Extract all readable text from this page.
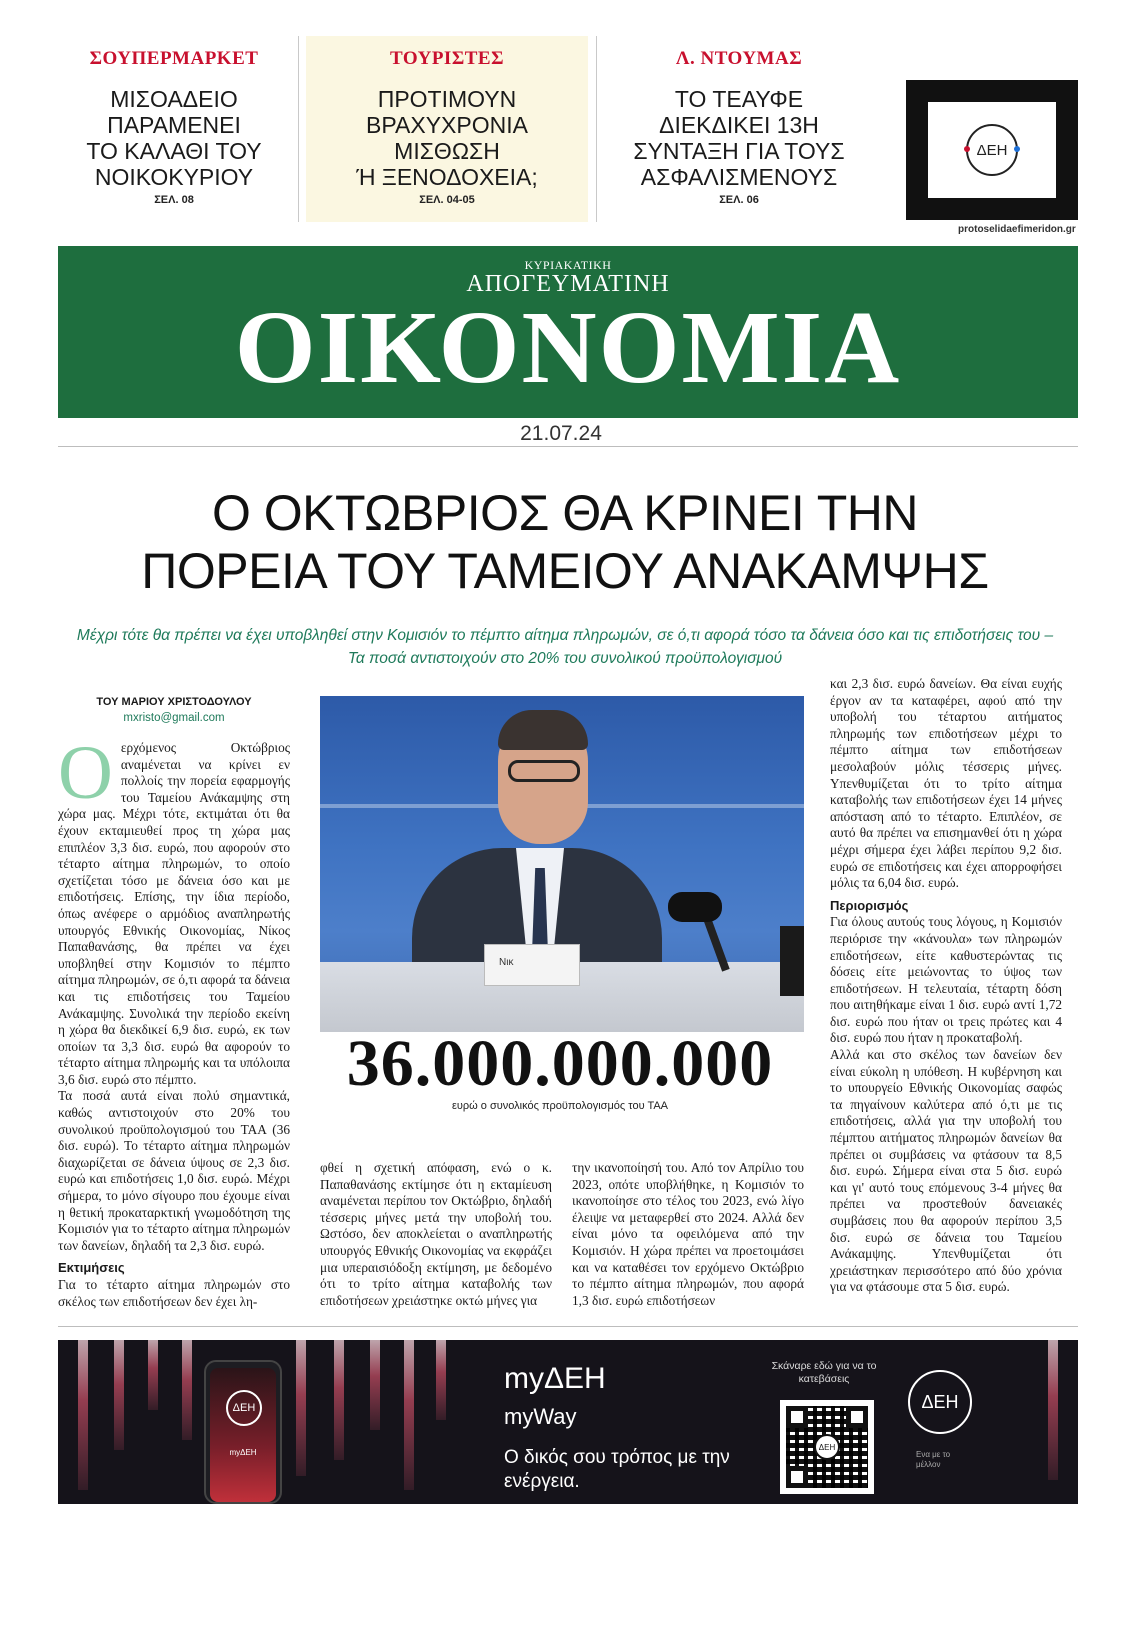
ΣΟΥΠΕΡΜΑΡΚΕΤ
ΜΙΣΟΑΔΕΙΟ
ΠΑΡΑΜΕΝΕΙ
ΤΟ ΚΑΛΑΘΙ ΤΟΥ
ΝΟΙΚΟΚΥΡΙΟΥ
ΣΕΛ. 08
ΤΟΥΡΙΣΤΕΣ
ΠΡΟΤΙΜΟΥΝ
ΒΡΑΧΥΧΡΟΝΙΑ
ΜΙΣΘΩΣΗ
Ή ΞΕΝΟΔΟΧΕΙΑ;
ΣΕΛ. 04-05
Λ. ΝΤΟΥΜΑΣ
ΤΟ ΤΕΑΥΦΕ
ΔΙΕΚΔΙΚΕΙ 13Η
ΣΥΝΤΑΞΗ ΓΙΑ ΤΟΥΣ
ΑΣΦΑΛΙΣΜΕΝΟΥΣ
ΣΕΛ. 06
ΔΕΗ
protoselidaefimeridon.gr
ΚΥΡΙΑΚΑΤΙΚΗ
ΑΠΟΓΕΥΜΑΤΙΝΗ
ΟΙΚΟΝΟΜΙΑ
21.07.24
Ο ΟΚΤΩΒΡΙΟΣ ΘΑ ΚΡΙΝΕΙ ΤΗΝ
ΠΟΡΕΙΑ ΤΟΥ ΤΑΜΕΙΟΥ ΑΝΑΚΑΜΨΗΣ
Μέχρι τότε θα πρέπει να έχει υποβληθεί στην Κομισιόν το πέμπτο αίτημα πληρωμών, σε ό,τι αφορά τόσο τα δάνεια όσο και τις επιδοτήσεις του – Τα ποσά αντιστοιχούν στο 20% του συνολικού προϋπολογισμού
ΤΟΥ ΜΑΡΙΟΥ ΧΡΙΣΤΟΔΟΥΛΟΥ
mxristo@gmail.com
Ο ερχόμενος Οκτώβριος αναμένεται να κρίνει εν πολλοίς την πορεία εφαρμογής του Ταμείου Ανάκαμψης στη χώρα μας. Μέχρι τότε, εκτιμάται ότι θα έχουν εκταμιευθεί προς τη χώρα μας επιπλέον 3,3 δισ. ευρώ, που αφορούν στο τέταρτο αίτημα πληρωμών, το οποίο σχετίζεται τόσο με δάνεια όσο και με επιδοτήσεις. Επίσης, την ίδια περίοδο, όπως ανέφερε ο αρμόδιος αναπληρωτής υπουργός Εθνικής Οικονομίας, Νίκος Παπαθανάσης, θα πρέπει να έχει υποβληθεί στην Κομισιόν το πέμπτο αίτημα πληρωμών, σε ό,τι αφορά τα δάνεια και τις επιδοτήσεις του Ταμείου Ανάκαμψης. Συνολικά την περίοδο εκείνη η χώρα θα διεκδικεί 6,9 δισ. ευρώ, εκ των οποίων τα 3,3 δισ. ευρώ θα αφορούν το τέταρτο αίτημα πληρωμής και τα υπόλοιπα 3,6 δισ. ευρώ στο πέμπτο.
Τα ποσά αυτά είναι πολύ σημαντικά, καθώς αντιστοιχούν στο 20% του συνολικού προϋπολογισμού του ΤΑΑ (36 δισ. ευρώ). Το τέταρτο αίτημα πληρωμών διαχωρίζεται σε δάνεια ύψους σε 2,3 δισ. ευρώ και επιδοτήσεις 1,0 δισ. ευρώ. Μέχρι σήμερα, το μόνο σίγουρο που έχουμε είναι η θετική προκαταρκτική γνωμοδότηση της Κομισιόν για το τέταρτο αίτημα πληρωμών των δανείων, δηλαδή τα 2,3 δισ. ευρώ.
Εκτιμήσεις
Για το τέταρτο αίτημα πληρωμών στο σκέλος των επιδοτήσεων δεν έχει λη-
Νικ
36.000.000.000
ευρώ ο συνολικός προϋπολογισμός του ΤΑΑ
φθεί η σχετική απόφαση, ενώ ο κ. Παπαθανάσης εκτίμησε ότι η εκταμίευση αναμένεται περίπου τον Οκτώβριο, δηλαδή τέσσερις μήνες μετά την υποβολή του. Ωστόσο, δεν αποκλείεται ο αναπληρωτής υπουργός Εθνικής Οικονομίας να εκφράζει μια υπεραισιόδοξη εκτίμηση, με δεδομένο ότι το τρίτο αίτημα καταβολής των επιδοτήσεων χρειάστηκε οκτώ μήνες για
την ικανοποίησή του. Από τον Απρίλιο του 2023, οπότε υποβλήθηκε, η Κομισιόν το ικανοποίησε στο τέλος του 2023, ενώ λίγο έλειψε να μεταφερθεί στο 2024. Αλλά δεν είναι μόνο τα οφειλόμενα από την Κομισιόν. Η χώρα πρέπει να προετοιμάσει και να καταθέσει τον ερχόμενο Οκτώβριο το πέμπτο αίτημα πληρωμών, που αφορά 1,3 δισ. ευρώ επιδοτήσεων
και 2,3 δισ. ευρώ δανείων. Θα είναι ευχής έργον αν τα καταφέρει, αφού από την υποβολή του τέταρτου αιτήματος πληρωμής των επιδοτήσεων μέχρι το πέμπτο αίτημα των επιδοτήσεων μεσολαβούν μόλις τέσσερις μήνες. Υπενθυμίζεται ότι το τρίτο αίτημα καταβολής των επιδοτήσεων έχει 14 μήνες απόσταση από το τέταρτο. Επιπλέον, σε αυτό θα πρέπει να επισημανθεί ότι η χώρα μέχρι σήμερα έχει λάβει περίπου 9,2 δισ. ευρώ σε επιδοτήσεις και έχει απορροφήσει μόλις τα 6,04 δισ. ευρώ.
Περιορισμός
Για όλους αυτούς τους λόγους, η Κομισιόν περιόρισε την «κάνουλα» των πληρωμών επιδοτήσεων, είτε καθυστερώντας τις δόσεις είτε μειώνοντας το ύψος των επιδοτήσεων. Η τελευταία, τέταρτη δόση που αιτηθήκαμε είναι 1 δισ. ευρώ αντί 1,72 δισ. ευρώ που ήταν οι τρεις πρώτες και 4 δισ. ευρώ που ήταν η προκαταβολή.
Αλλά και στο σκέλος των δανείων δεν είναι εύκολη η υπόθεση. Η κυβέρνηση και το υπουργείο Εθνικής Οικονομίας σαφώς τα πηγαίνουν καλύτερα από ό,τι με τις επιδοτήσεις, αλλά για την υποβολή του πέμπτου αιτήματος πληρωμών δανείων θα πρέπει οι συμβάσεις να φτάσουν τα 8,5 δισ. ευρώ. Σήμερα είναι στα 5 δισ. ευρώ και γι' αυτό τους επόμενους 3-4 μήνες θα πρέπει να προστεθούν δανειακές συμβάσεις που θα αφορούν περίπου 3,5 δισ. ευρώ σε δάνεια του Ταμείου Ανάκαμψης. Υπενθυμίζεται ότι χρειάστηκαν περισσότερο από δύο χρόνια για να φτάσουμε στα 5 δισ. ευρώ.
ΔΕΗ
myΔΕΗ
myΔΕΗ
myWay
Ο δικός σου τρόπος με την ενέργεια.
Σκάναρε εδώ για να το κατεβάσεις
ΔΕΗ
ΔΕΗ
Ενα με το μέλλον
